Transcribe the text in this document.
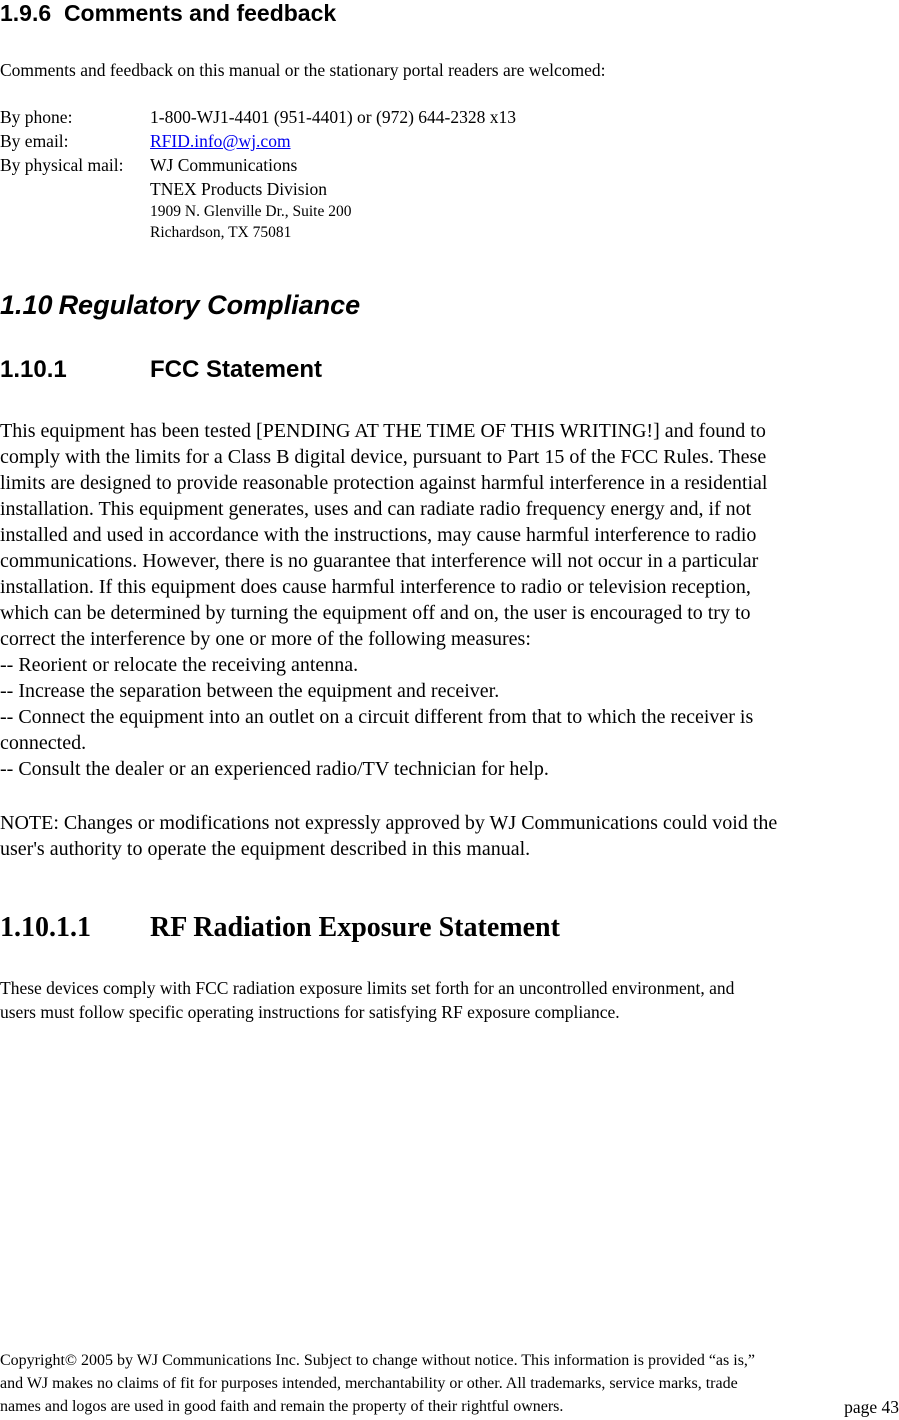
1.9.6 Comments and feedback
Comments and feedback on this manual or the stationary portal readers are welcomed:
By phone:	1-800-WJ1-4401 (951-4401) or (972) 644-2328 x13
By email:	RFID.info@wj.com
By physical mail: WJ Communications
TNEX Products Division
1909 N. Glenville Dr., Suite 200
Richardson, TX 75081
1.10 Regulatory Compliance
1.10.1	FCC Statement
This equipment has been tested [PENDING AT THE TIME OF THIS WRITING!] and found to
comply with the limits for a Class B digital device, pursuant to Part 15 of the FCC Rules. These
limits are designed to provide reasonable protection against harmful interference in a residential
installation. This equipment generates, uses and can radiate radio frequency energy and, if not
installed and used in accordance with the instructions, may cause harmful interference to radio
communications. However, there is no guarantee that interference will not occur in a particular
installation. If this equipment does cause harmful interference to radio or television reception,
which can be determined by turning the equipment off and on, the user is encouraged to try to
correct the interference by one or more of the following measures:
-- Reorient or relocate the receiving antenna.
-- Increase the separation between the equipment and receiver.
-- Connect the equipment into an outlet on a circuit different from that to which the receiver is
connected.
-- Consult the dealer or an experienced radio/TV technician for help.
NOTE: Changes or modifications not expressly approved by WJ Communications could void the
user's authority to operate the equipment described in this manual.
1.10.1.1 RF Radiation Exposure Statement
These devices comply with FCC radiation exposure limits set forth for an uncontrolled environment, and
users must follow specific operating instructions for satisfying RF exposure compliance.
Copyright© 2005 by WJ Communications Inc. Subject to change without notice. This information is provided “as is,”
and WJ makes no claims of fit for purposes intended, merchantability or other. All trademarks, service marks, trade
names and logos are used in good faith and remain the property of their rightful owners.	page 43
